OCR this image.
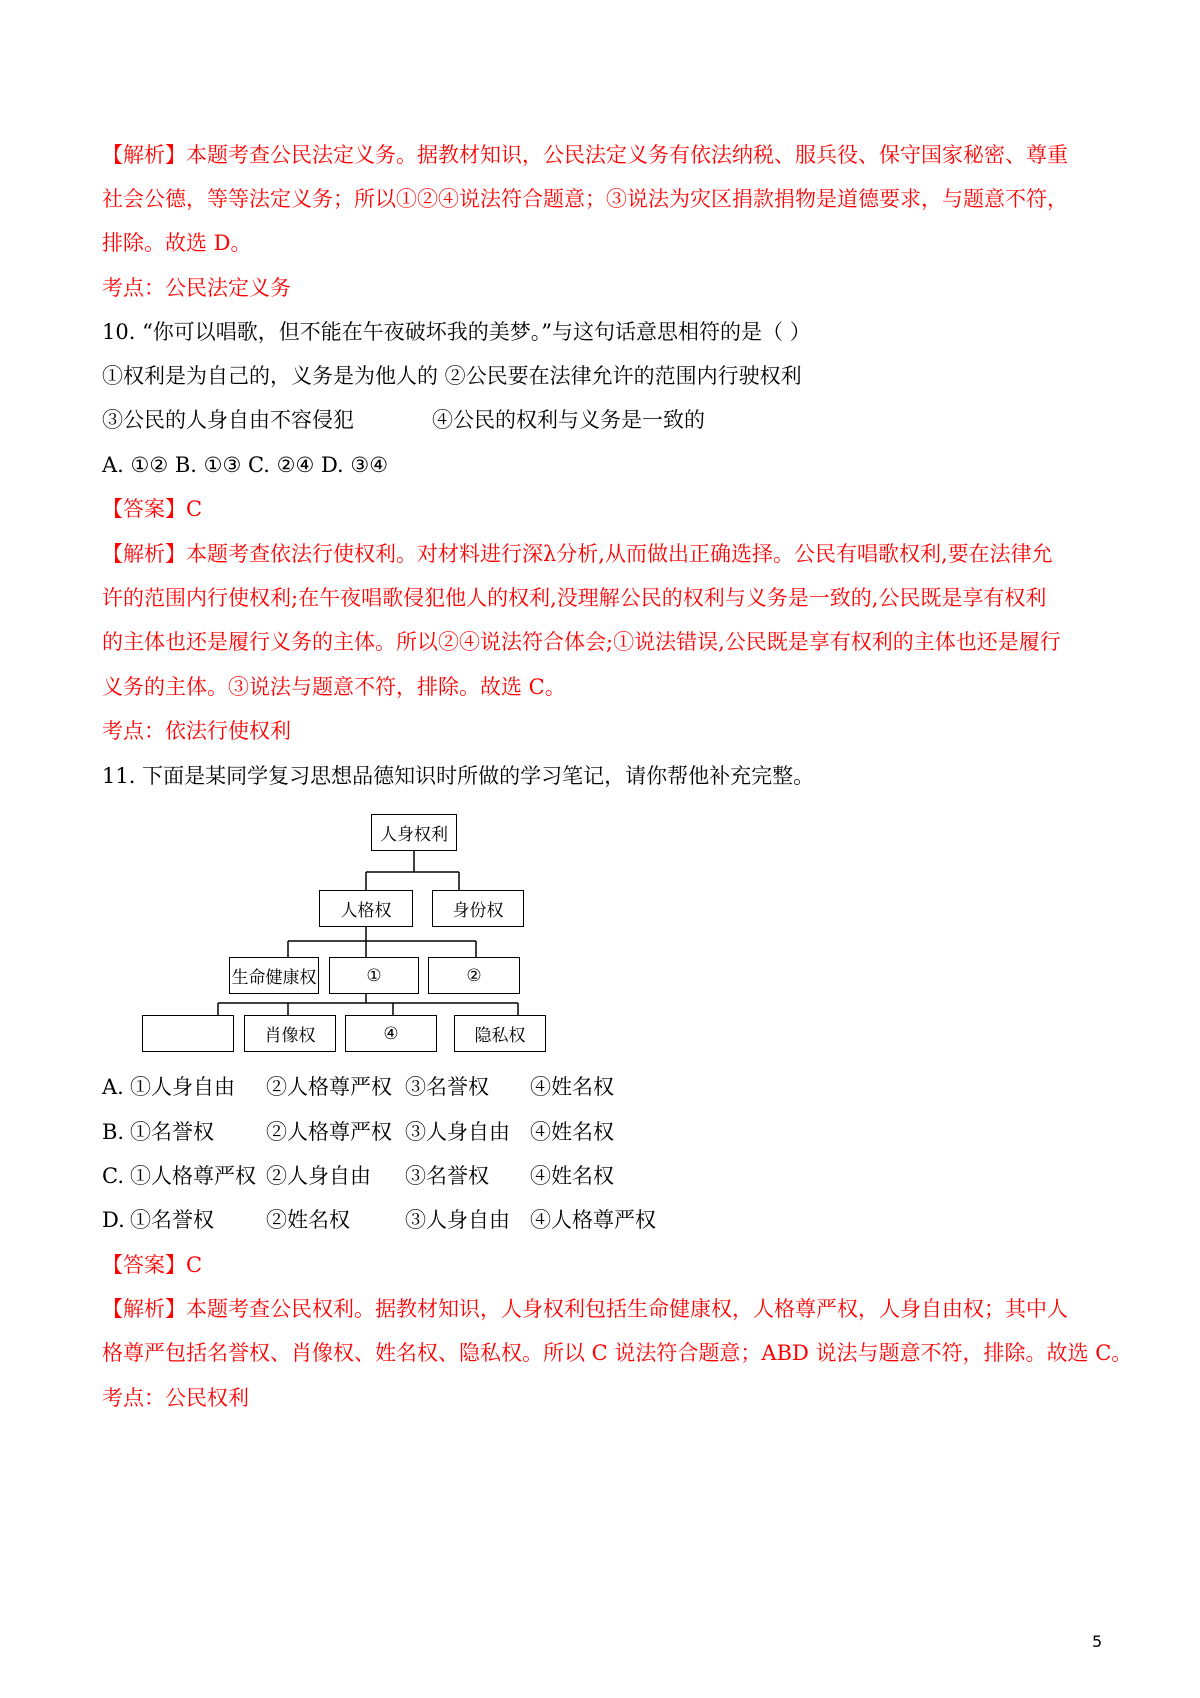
【解析】本题考查公民法定义务。据教材知识，公民法定义务有依法纳税、服兵役、保守国家秘密、尊重
社会公德，等等法定义务；所以①②④说法符合题意；③说法为灾区捐款捐物是道德要求，与题意不符，
排除。故选 D。
考点：公民法定义务
10. “你可以唱歌，但不能在午夜破坏我的美梦。”与这句话意思相符的是（ ）
①权利是为自己的，义务是为他人的 ②公民要在法律允许的范围内行驶权利
③公民的人身自由不容侵犯	④公民的权利与义务是一致的
A. ①② B. ①③ C. ②④ D. ③④
【答案】C
【解析】本题考查依法行使权利。对材料进行深λ分析,从而做出正确选择。公民有唱歌权利,要在法律允
许的范围内行使权利;在午夜唱歌侵犯他人的权利,没理解公民的权利与义务是一致的,公民既是享有权利
的主体也还是履行义务的主体。所以②④说法符合体会;①说法错误,公民既是享有权利的主体也还是履行
义务的主体。③说法与题意不符，排除。故选 C。
考点：依法行使权利
11. 下面是某同学复习思想品德知识时所做的学习笔记，请你帮他补充完整。
人身权利
人格权	身份权
生命健康权	①	②
肖像权	④	隐私权
A. ①人身自由 ②人格尊严权 ③名誉权 ④姓名权
B. ①名誉权 ②人格尊严权 ③人身自由 ④姓名权
C. ①人格尊严权 ②人身自由 ③名誉权 ④姓名权
D. ①名誉权 ②姓名权	③人身自由 ④人格尊严权
【答案】C
【解析】本题考查公民权利。据教材知识，人身权利包括生命健康权，人格尊严权，人身自由权；其中人
格尊严包括名誉权、肖像权、姓名权、隐私权。所以 C 说法符合题意；ABD 说法与题意不符，排除。故选 C。
考点：公民权利
5
